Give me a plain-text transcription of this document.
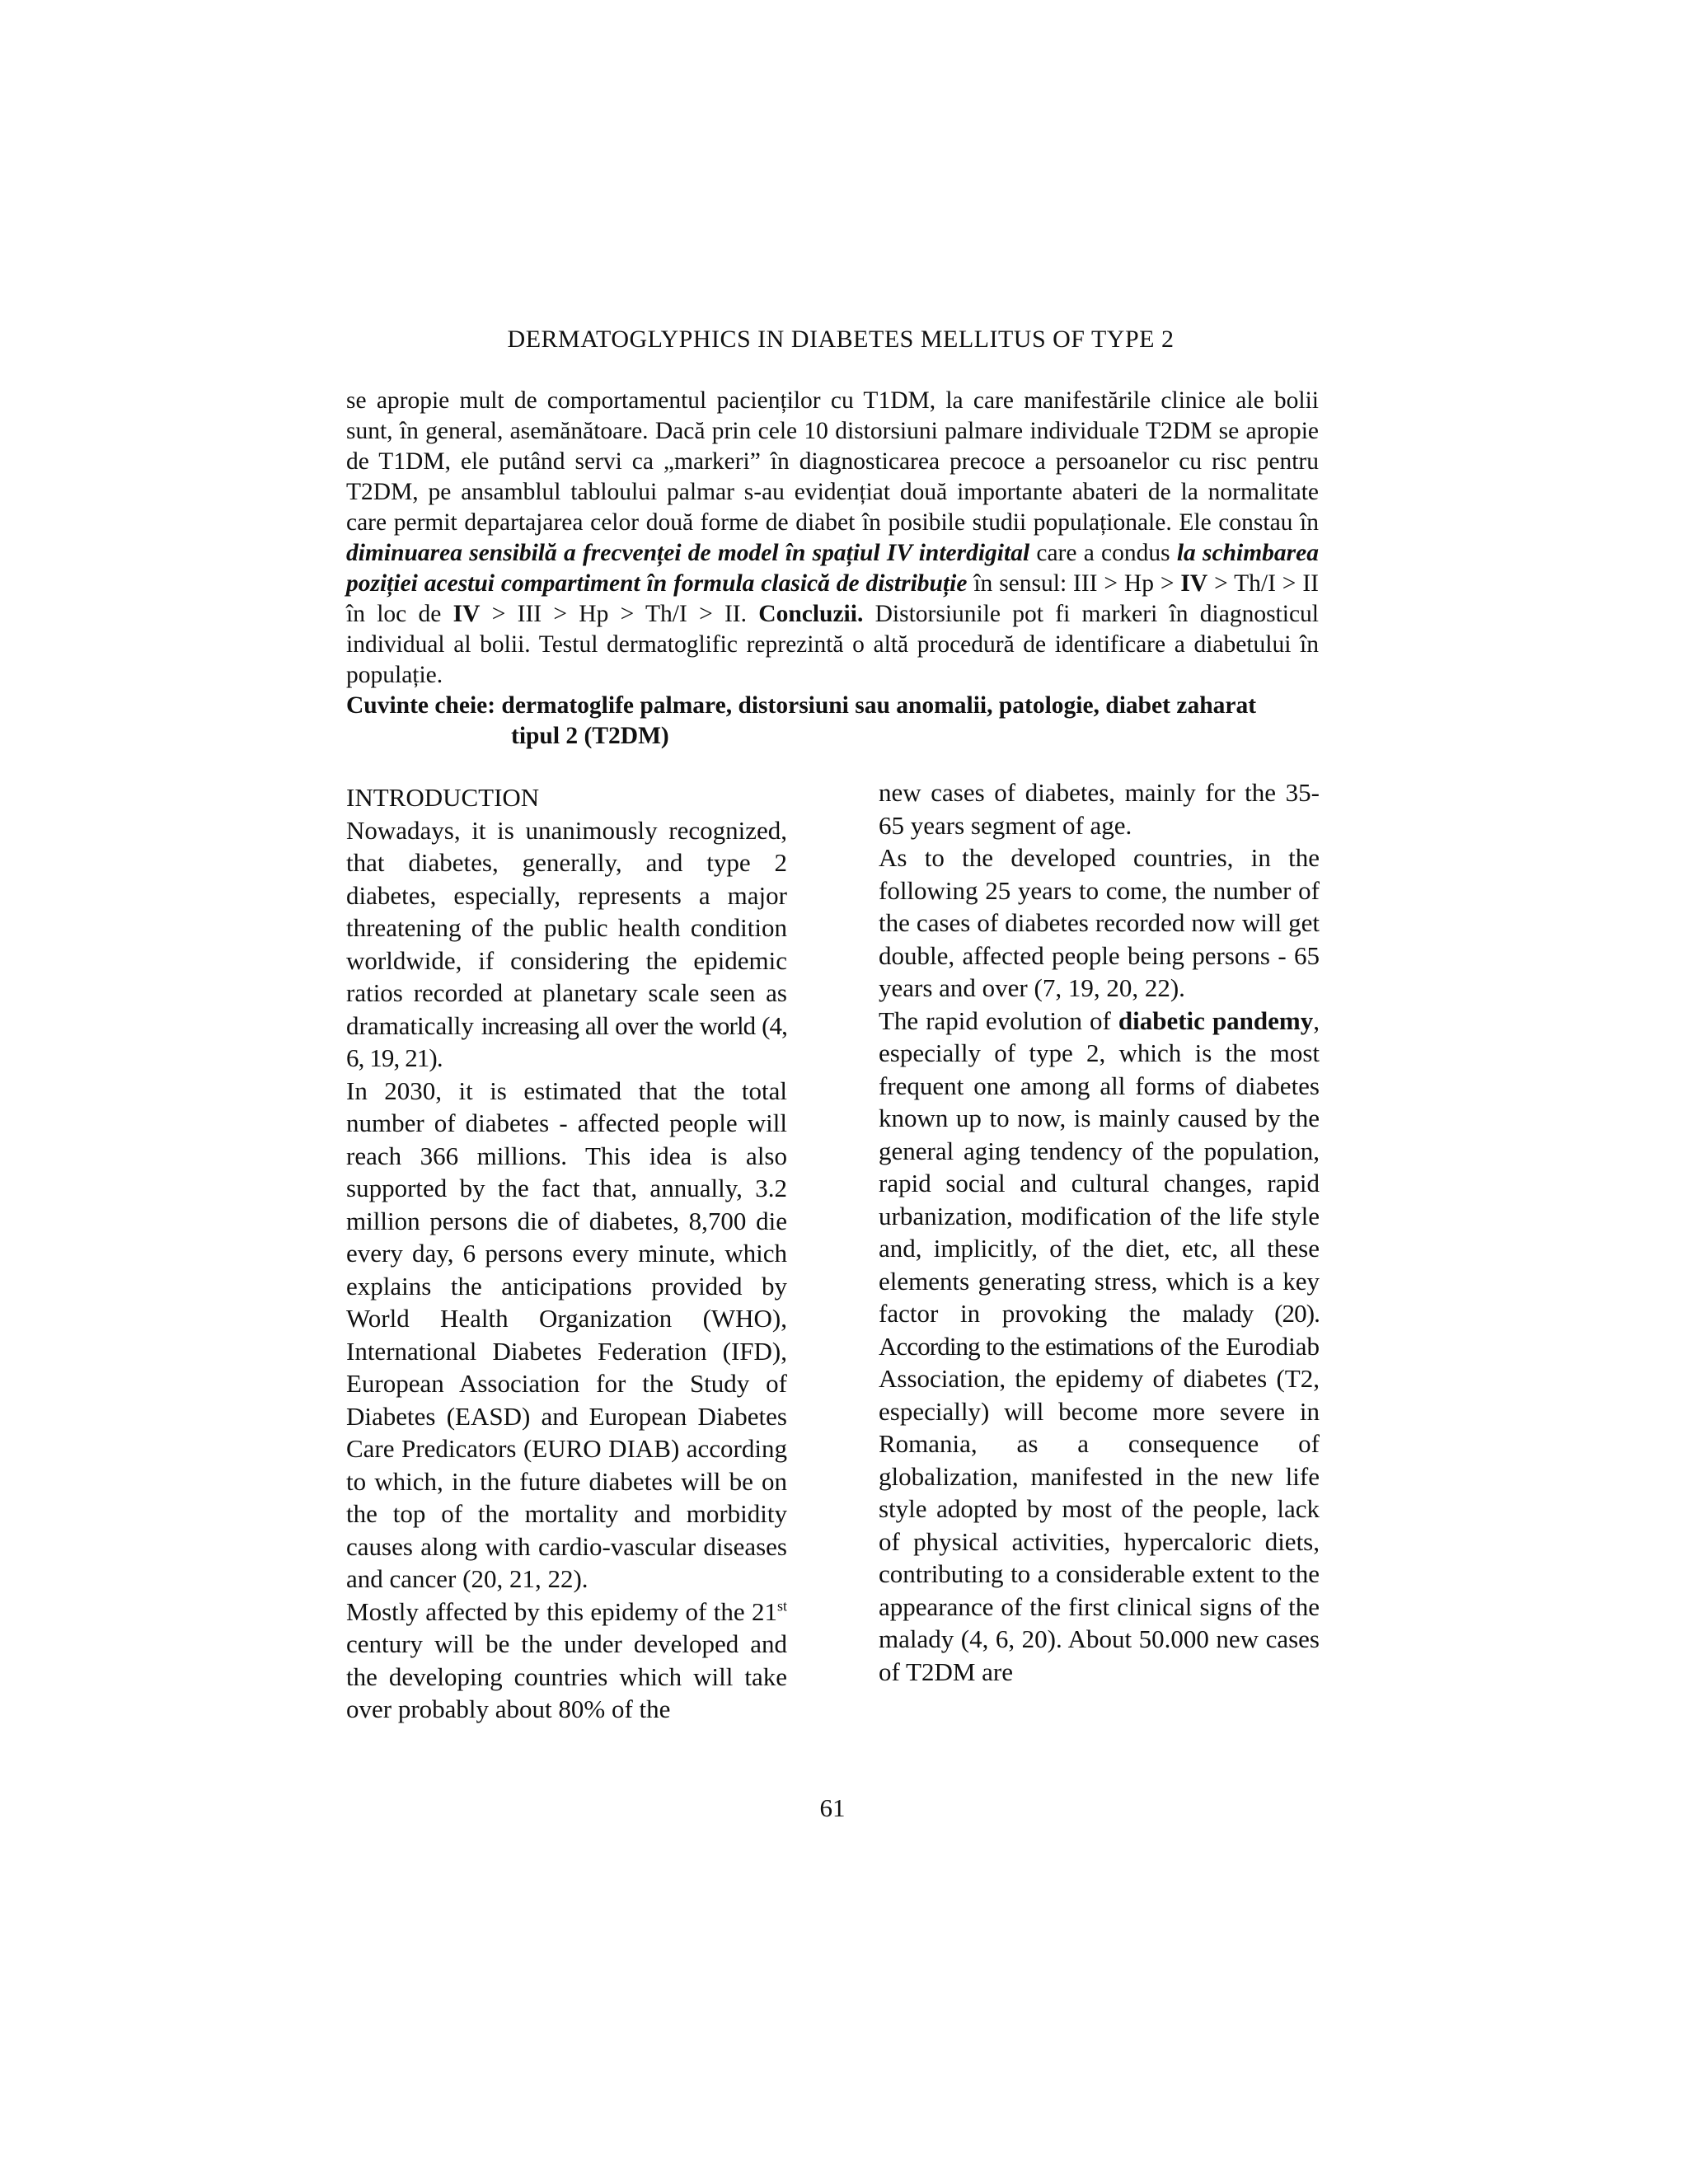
DERMATOGLYPHICS IN DIABETES MELLITUS OF TYPE 2

se apropie mult de comportamentul pacienților cu T1DM, la care manifestările clinice ale bolii sunt, în general, asemănătoare. Dacă prin cele 10 distorsiuni palmare individuale T2DM se apropie de T1DM, ele putând servi ca „markeri” în diagnosticarea precoce a persoanelor cu risc pentru T2DM, pe ansamblul tabloului palmar s-au evidențiat două importante abateri de la normalitate care permit departajarea celor două forme de diabet în posibile studii populaționale. Ele constau în diminuarea sensibilă a frecvenței de model în spațiul IV interdigital care a condus la schimbarea poziției acestui compartiment în formula clasică de distribuție în sensul: III > Hp > IV > Th/I > II în loc de IV > III > Hp > Th/I > II. Concluzii. Distorsiunile pot fi markeri în diagnosticul individual al bolii. Testul dermatoglific reprezintă o altă procedură de identificare a diabetului în populație.

Cuvinte cheie: dermatoglife palmare, distorsiuni sau anomalii, patologie, diabet zaharat
tipul 2 (T2DM)
INTRODUCTION

Nowadays, it is unanimously recognized, that diabetes, generally, and type 2 diabetes, especially, represents a major threatening of the public health condition worldwide, if considering the epidemic ratios recorded at planetary scale seen as dramatically increasing all over the world (4, 6, 19, 21).

In 2030, it is estimated that the total number of diabetes - affected people will reach 366 millions. This idea is also supported by the fact that, annually, 3.2 million persons die of diabetes, 8,700 die every day, 6 persons every minute, which explains the anticipations provided by World Health Organization (WHO), International Diabetes Federation (IFD), European Association for the Study of Diabetes (EASD) and European Diabetes Care Predicators (EURO DIAB) according to which, in the future diabetes will be on the top of the mortality and morbidity causes along with cardio-vascular diseases and cancer (20, 21, 22).

Mostly affected by this epidemy of the 21st century will be the under developed and the developing countries which will take over probably about 80% of the

new cases of diabetes, mainly for the 35-65 years segment of age.

As to the developed countries, in the following 25 years to come, the number of the cases of diabetes recorded now will get double, affected people being persons - 65 years and over (7, 19, 20, 22).

The rapid evolution of diabetic pandemy, especially of type 2, which is the most frequent one among all forms of diabetes known up to now, is mainly caused by the general aging tendency of the population, rapid social and cultural changes, rapid urbanization, modification of the life style and, implicitly, of the diet, etc, all these elements generating stress, which is a key factor in provoking the malady (20). According to the estimations of the Eurodiab Association, the epidemy of diabetes (T2, especially) will become more severe in Romania, as a consequence of globalization, manifested in the new life style adopted by most of the people, lack of physical activities, hypercaloric diets, contributing to a considerable extent to the appearance of the first clinical signs of the malady (4, 6, 20). About 50.000 new cases of T2DM are

61
